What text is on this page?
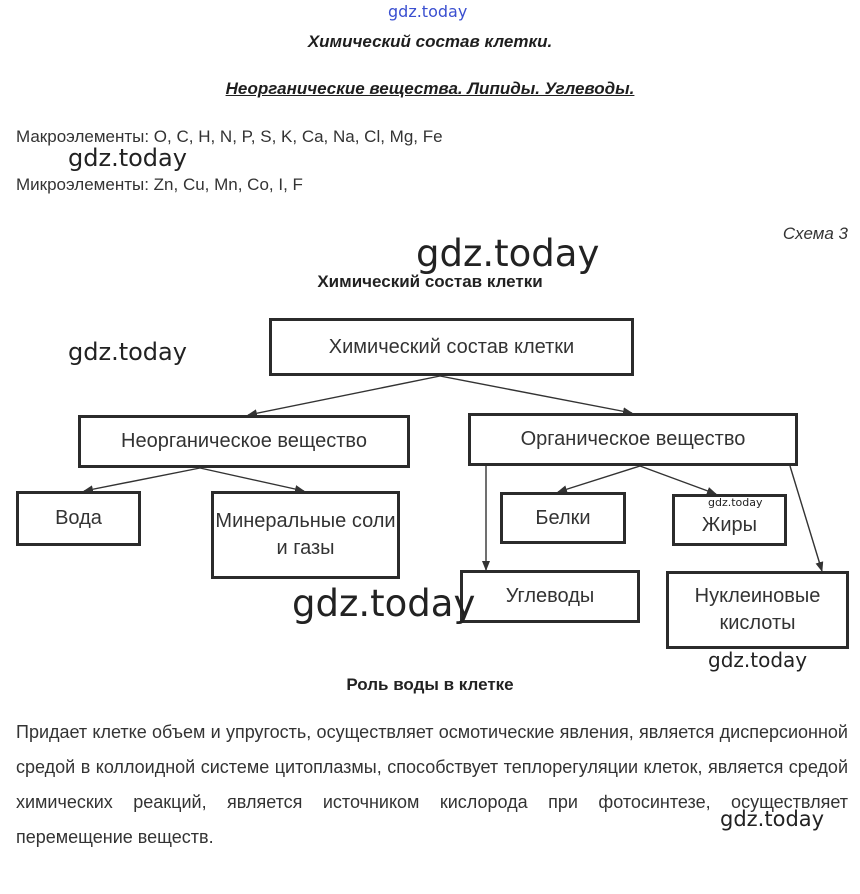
gdz.today
Химический состав клетки.
Неорганические вещества. Липиды. Углеводы.
Макроэлементы: O, C, H, N, P, S, K, Ca, Na, Cl, Mg, Fe
gdz.today
Микроэлементы: Zn, Cu, Mn, Co, I, F
Схема 3
gdz.today
Химический состав клетки
gdz.today	Химический состав клетки
Неорганическое вещество	Органическое вещество
Вода	Минеральные соли и газы
Белки	Жиры
gdz.today
Углеводы	Нуклеиновые кислоты
gdz.today
gdz.today
Роль воды в клетке
Придает клетке объем и упругость, осуществляет осмотические явления, является дисперсионной средой в коллоидной системе цитоплазмы, способствует теплорегуляции клеток, является средой химических реакций, является источником кислорода при фотосинтезе, осуществляет перемещение веществ.
gdz.today
